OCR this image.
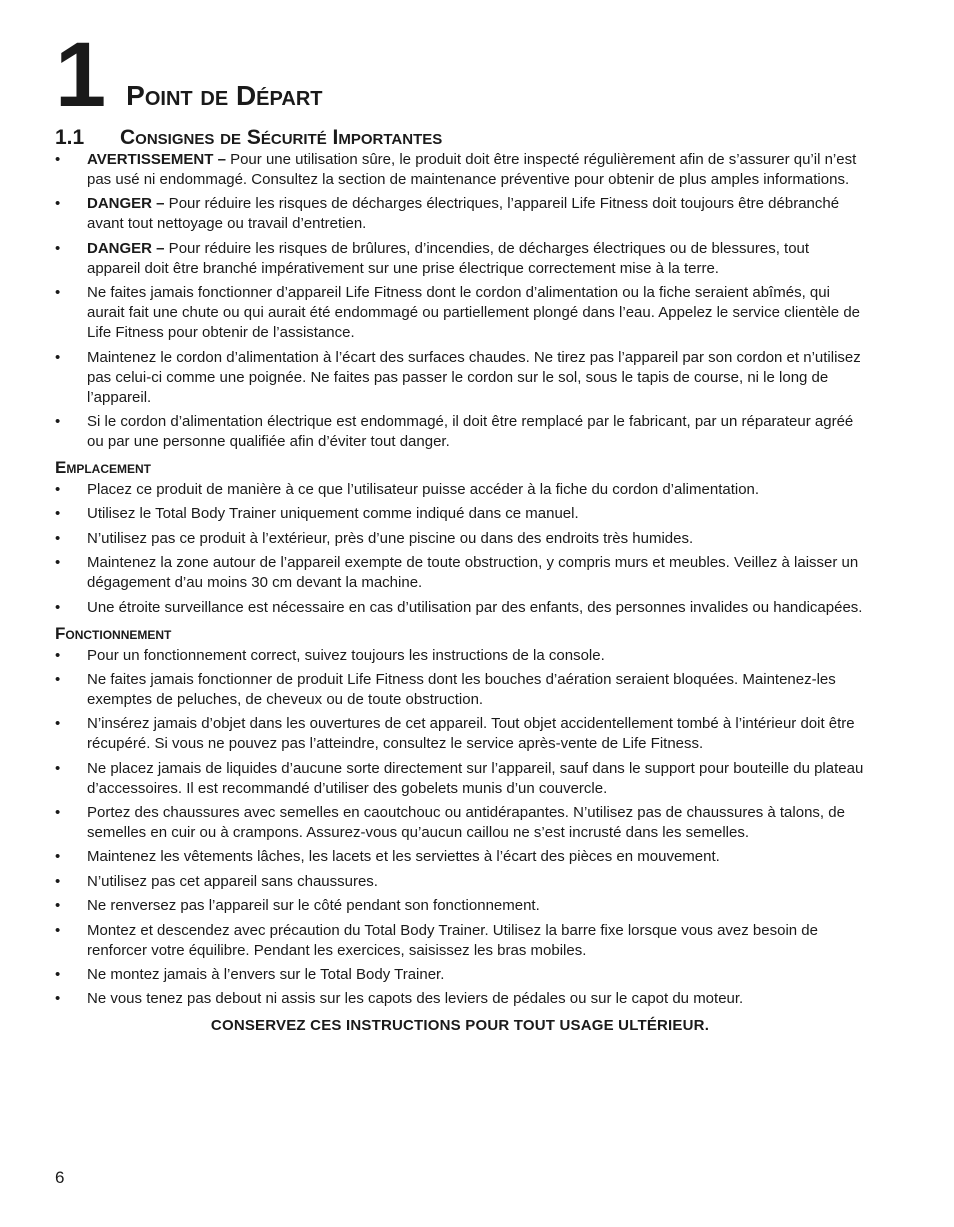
1 Point de Départ
1.1	Consignes de Sécurité Importantes
• AVERTISSEMENT – Pour une utilisation sûre, le produit doit être inspecté régulièrement afin de s’assurer qu’il n’est pas usé ni endommagé. Consultez la section de maintenance préventive pour obtenir de plus amples informations.
• DANGER – Pour réduire les risques de décharges électriques, l’appareil Life Fitness doit toujours être débranché avant tout nettoyage ou travail d’entretien.
• DANGER – Pour réduire les risques de brûlures, d’incendies, de décharges électriques ou de blessures, tout appareil doit être branché impérativement sur une prise électrique correctement mise à la terre.
• Ne faites jamais fonctionner d’appareil Life Fitness dont le cordon d’alimentation ou la fiche seraient abîmés, qui aurait fait une chute ou qui aurait été endommagé ou partiellement plongé dans l’eau. Appelez le service clientèle de Life Fitness pour obtenir de l’assistance.
• Maintenez le cordon d’alimentation à l’écart des surfaces chaudes. Ne tirez pas l’appareil par son cordon et n’utilisez pas celui-ci comme une poignée. Ne faites pas passer le cordon sur le sol, sous le tapis de course, ni le long de l’appareil.
• Si le cordon d’alimentation électrique est endommagé, il doit être remplacé par le fabricant, par un réparateur agréé ou par une personne qualifiée afin d’éviter tout danger.
Emplacement
• Placez ce produit de manière à ce que l’utilisateur puisse accéder à la fiche du cordon d’alimentation.
• Utilisez le Total Body Trainer uniquement comme indiqué dans ce manuel.
• N’utilisez pas ce produit à l’extérieur, près d’une piscine ou dans des endroits très humides.
• Maintenez la zone autour de l’appareil exempte de toute obstruction, y compris murs et meubles. Veillez à laisser un dégagement d’au moins 30 cm devant la machine.
• Une étroite surveillance est nécessaire en cas d’utilisation par des enfants, des personnes invalides ou handicapées.
Fonctionnement
• Pour un fonctionnement correct, suivez toujours les instructions de la console.
• Ne faites jamais fonctionner de produit Life Fitness dont les bouches d’aération seraient bloquées. Maintenez-les exemptes de peluches, de cheveux ou de toute obstruction.
• N’insérez jamais d’objet dans les ouvertures de cet appareil. Tout objet accidentellement tombé à l’intérieur doit être récupéré. Si vous ne pouvez pas l’atteindre, consultez le service après-vente de Life Fitness.
• Ne placez jamais de liquides d’aucune sorte directement sur l’appareil, sauf dans le support pour bouteille du plateau d’accessoires. Il est recommandé d’utiliser des gobelets munis d’un couvercle.
• Portez des chaussures avec semelles en caoutchouc ou antidérapantes. N’utilisez pas de chaussures à talons, de semelles en cuir ou à crampons. Assurez-vous qu’aucun caillou ne s’est incrusté dans les semelles.
• Maintenez les vêtements lâches, les lacets et les serviettes à l’écart des pièces en mouvement.
• N’utilisez pas cet appareil sans chaussures.
• Ne renversez pas l’appareil sur le côté pendant son fonctionnement.
• Montez et descendez avec précaution du Total Body Trainer. Utilisez la barre fixe lorsque vous avez besoin de renforcer votre équilibre. Pendant les exercices, saisissez les bras mobiles.
• Ne montez jamais à l’envers sur le Total Body Trainer.
• Ne vous tenez pas debout ni assis sur les capots des leviers de pédales ou sur le capot du moteur.
CONSERVEZ CES INSTRUCTIONS POUR TOUT USAGE ULTÉRIEUR.
6
